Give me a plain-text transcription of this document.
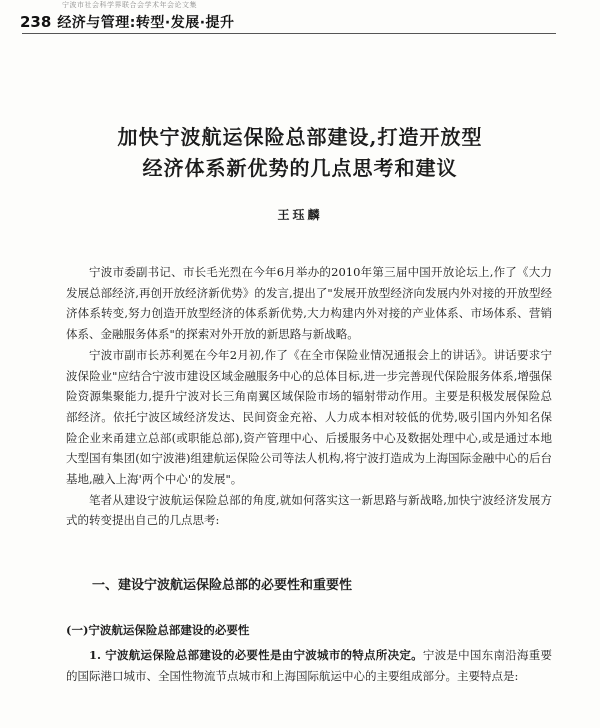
宁波市社会科学界联合会学术年会论文集
238 经济与管理:转型·发展·提升
加快宁波航运保险总部建设,打造开放型
经济体系新优势的几点思考和建议
王珏麟

宁波市委副书记、市长毛光烈在今年6月举办的2010年第三届中国开放论坛上,作了《大力发展总部经济,再创开放经济新优势》的发言,提出了"发展开放型经济向发展内外对接的开放型经济体系转变,努力创造开放型经济的体系新优势,大力构建内外对接的产业体系、市场体系、营销体系、金融服务体系"的探索对外开放的新思路与新战略。

宁波市副市长苏利冕在今年2月初,作了《在全市保险业情况通报会上的讲话》。讲话要求宁波保险业"应结合宁波市建设区域金融服务中心的总体目标,进一步完善现代保险服务体系,增强保险资源集聚能力,提升宁波对长三角南翼区域保险市场的辐射带动作用。主要是积极发展保险总部经济。依托宁波区域经济发达、民间资金充裕、人力成本相对较低的优势,吸引国内外知名保险企业来甬建立总部(或职能总部),资产管理中心、后援服务中心及数据处理中心,或是通过本地大型国有集团(如宁波港)组建航运保险公司等法人机构,将宁波打造成为上海国际金融中心的后台基地,融入上海'两个中心'的发展"。

笔者从建设宁波航运保险总部的角度,就如何落实这一新思路与新战略,加快宁波经济发展方式的转变提出自己的几点思考:

一、建设宁波航运保险总部的必要性和重要性
(一)宁波航运保险总部建设的必要性

1. 宁波航运保险总部建设的必要性是由宁波城市的特点所决定。宁波是中国东南沿海重要的国际港口城市、全国性物流节点城市和上海国际航运中心的主要组成部分。主要特点是:
